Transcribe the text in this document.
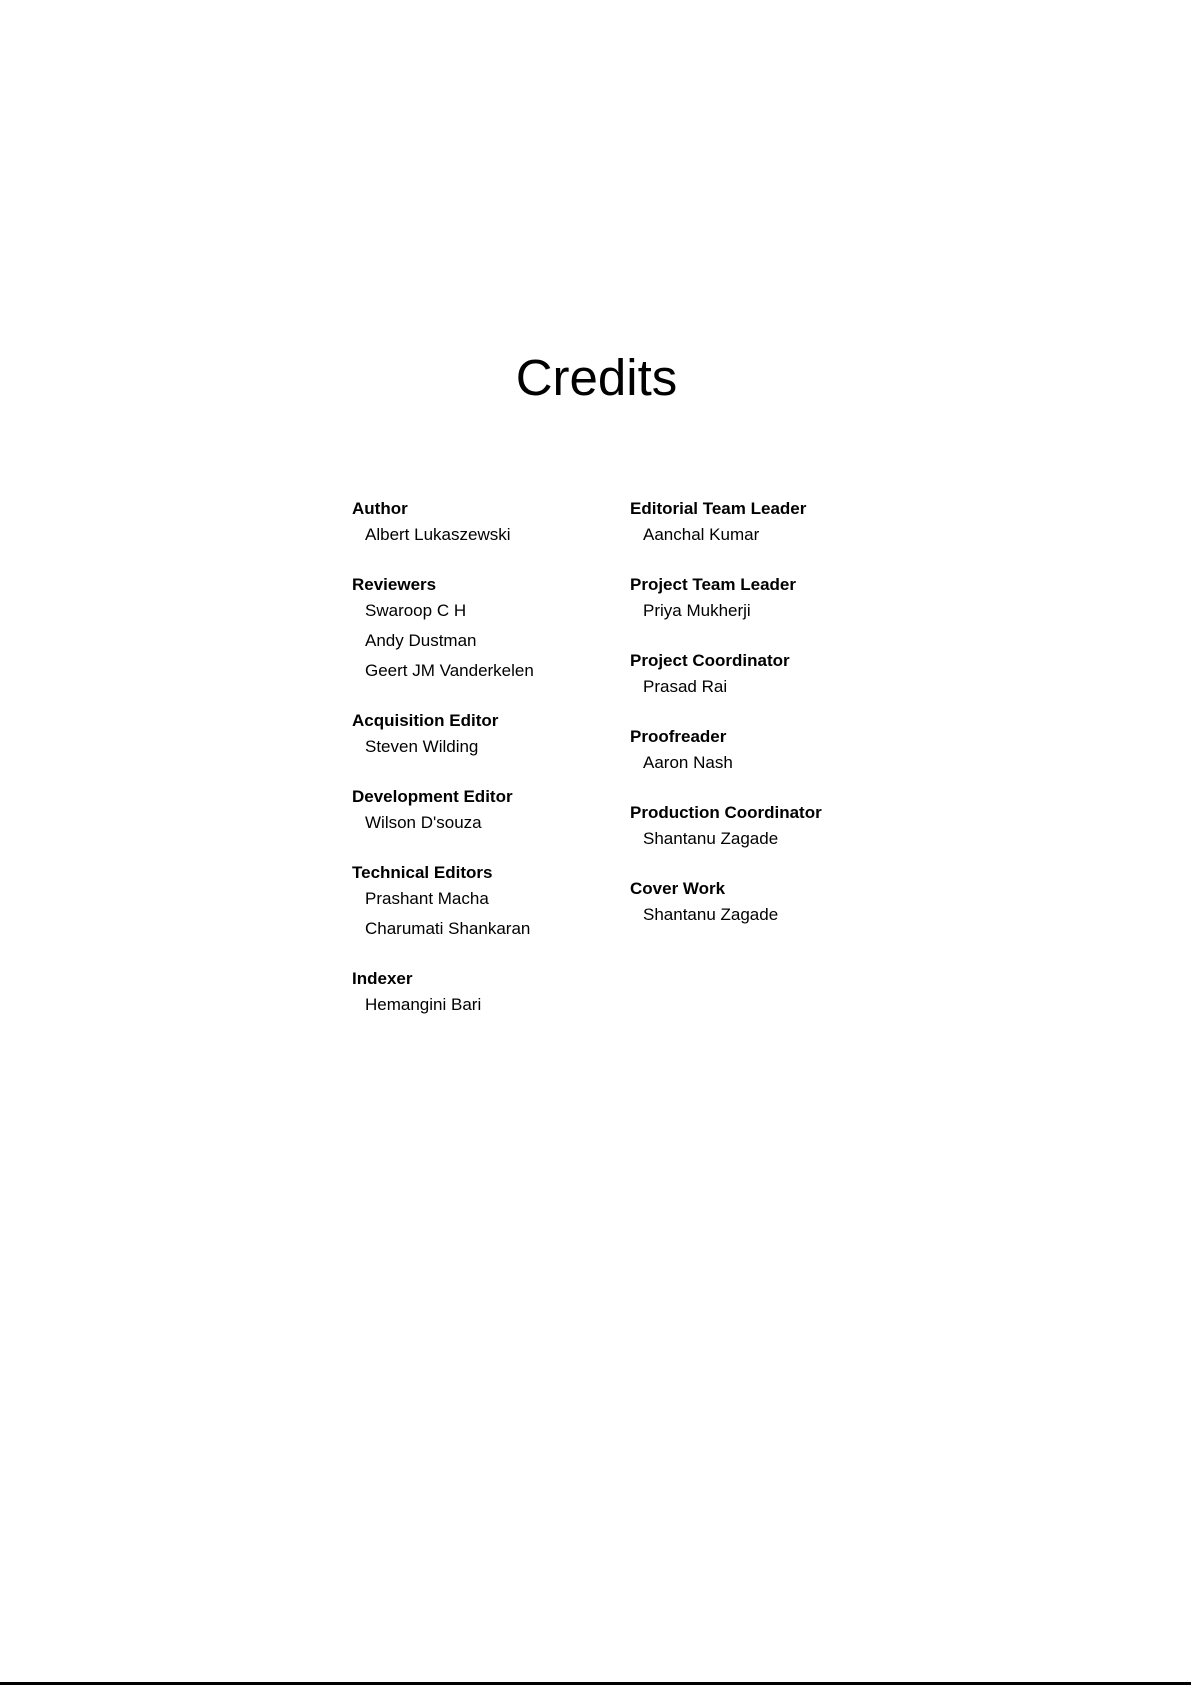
Credits
Author
Albert Lukaszewski
Reviewers
Swaroop C H
Andy Dustman
Geert JM Vanderkelen
Acquisition Editor
Steven Wilding
Development Editor
Wilson D'souza
Technical Editors
Prashant Macha
Charumati Shankaran
Indexer
Hemangini Bari
Editorial Team Leader
Aanchal Kumar
Project Team Leader
Priya Mukherji
Project Coordinator
Prasad Rai
Proofreader
Aaron Nash
Production Coordinator
Shantanu Zagade
Cover Work
Shantanu Zagade
